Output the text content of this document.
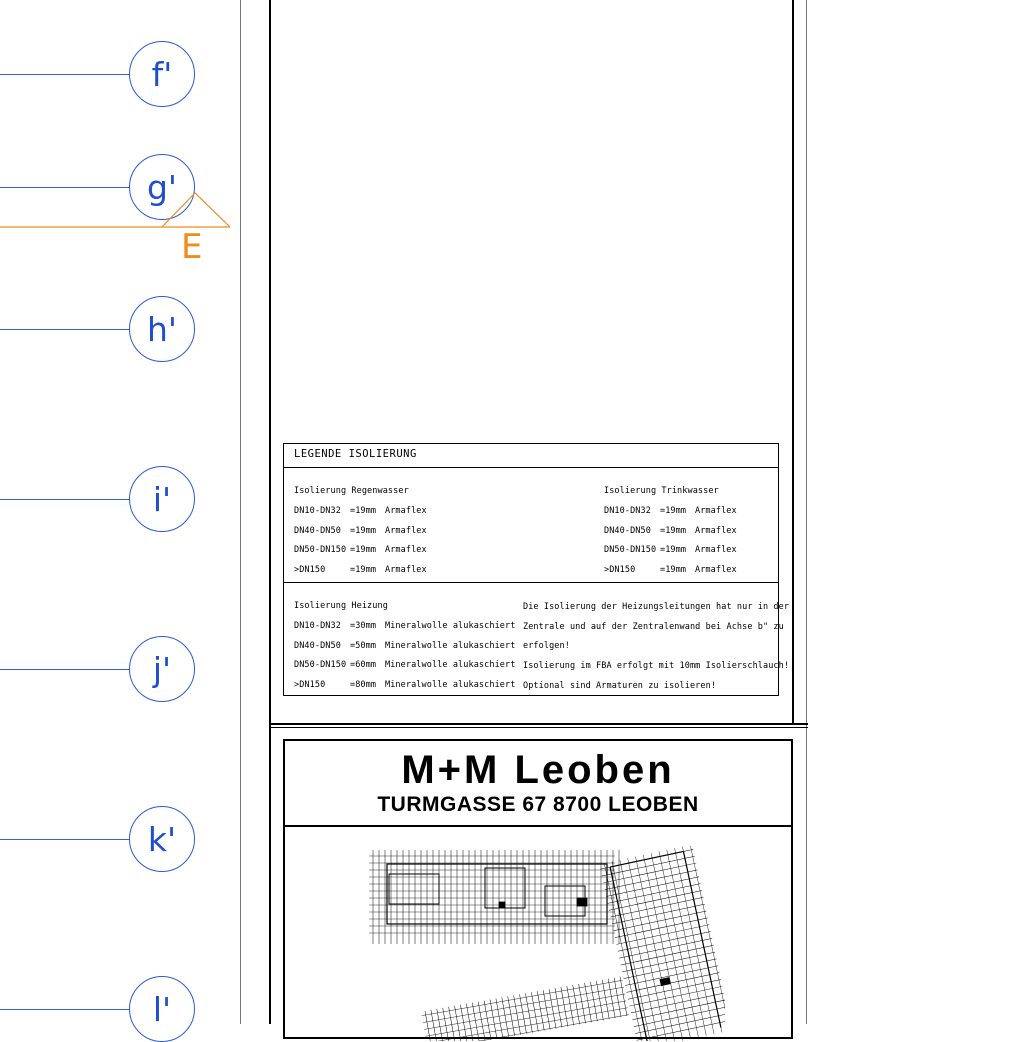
f'
g'
h'
i'
j'
k'
l'
E
LEGENDE ISOLIERUNG
Isolierung Regenwasser
DN10-DN32 =19mm Armaflex
DN40-DN50 =19mm Armaflex
DN50-DN150 =19mm Armaflex
>DN150	=19mm Armaflex
Isolierung Trinkwasser
DN10-DN32 =19mm Armaflex
DN40-DN50 =19mm Armaflex
DN50-DN150 =19mm Armaflex
>DN150	=19mm Armaflex
Isolierung Heizung
DN10-DN32 =30mm Mineralwolle alukaschiert
DN40-DN50 =50mm Mineralwolle alukaschiert
DN50-DN150 =60mm Mineralwolle alukaschiert
>DN150	=80mm Mineralwolle alukaschiert
Die Isolierung der Heizungsleitungen hat nur in der
Zentrale und auf der Zentralenwand bei Achse b" zu
erfolgen!
Isolierung im FBA erfolgt mit 10mm Isolierschlauch!
Optional sind Armaturen zu isolieren!
M+M Leoben
TURMGASSE 67 8700 LEOBEN
